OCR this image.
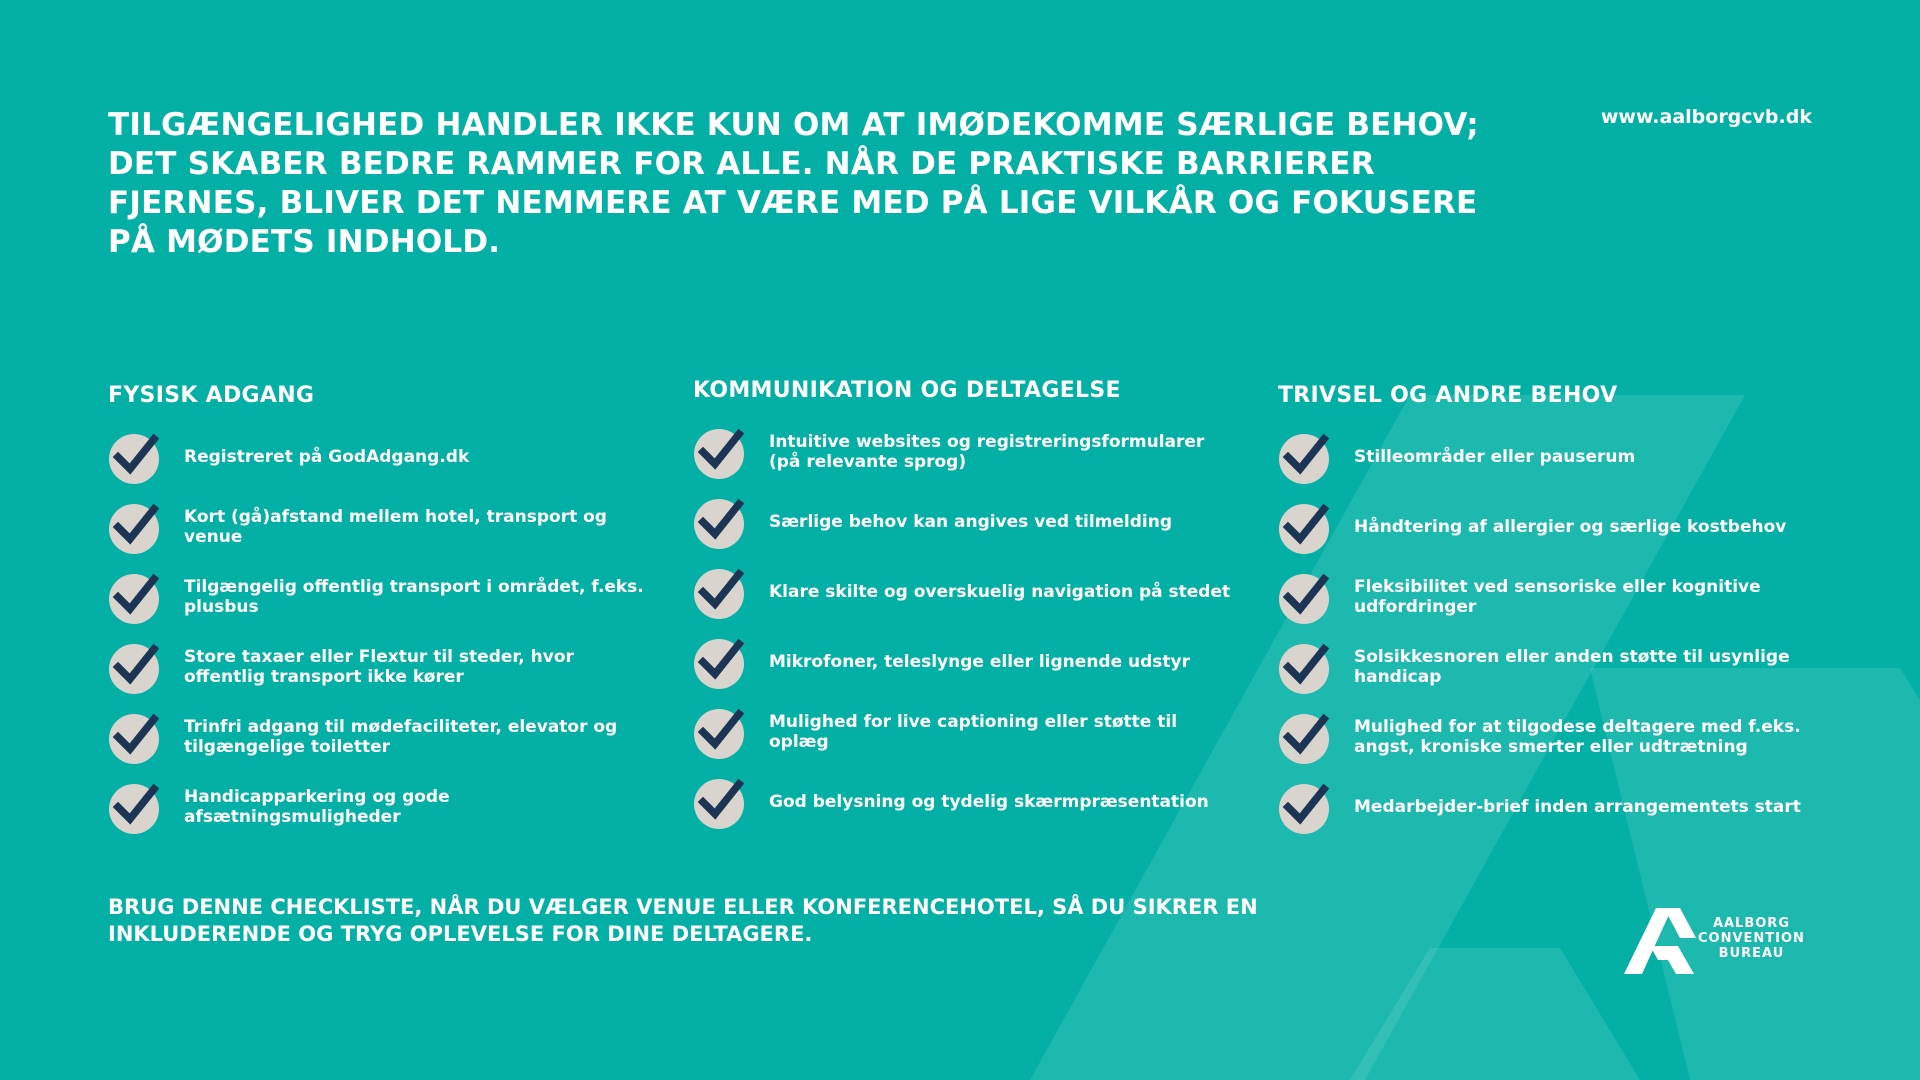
TILGÆNGELIGHED HANDLER IKKE KUN OM AT IMØDEKOMME SÆRLIGE BEHOV; DET SKABER BEDRE RAMMER FOR ALLE. NÅR DE PRAKTISKE BARRIERER FJERNES, BLIVER DET NEMMERE AT VÆRE MED PÅ LIGE VILKÅR OG FOKUSERE PÅ MØDETS INDHOLD.
www.aalborgcvb.dk
FYSISK ADGANG
Registreret på GodAdgang.dk
Kort (gå)afstand mellem hotel, transport og venue
Tilgængelig offentlig transport i området, f.eks. plusbus
Store taxaer eller Flextur til steder, hvor offentlig transport ikke kører
Trinfri adgang til mødefaciliteter, elevator og tilgængelige toiletter
Handicapparkering og gode afsætningsmuligheder
KOMMUNIKATION OG DELTAGELSE
Intuitive websites og registreringsformularer (på relevante sprog)
Særlige behov kan angives ved tilmelding
Klare skilte og overskuelig navigation på stedet
Mikrofoner, teleslynge eller lignende udstyr
Mulighed for live captioning eller støtte til oplæg
God belysning og tydelig skærmpræsentation
TRIVSEL OG ANDRE BEHOV
Stilleområder eller pauserum
Håndtering af allergier og særlige kostbehov
Fleksibilitet ved sensoriske eller kognitive udfordringer
Solsikkesnoren eller anden støtte til usynlige handicap
Mulighed for at tilgodese deltagere med f.eks. angst, kroniske smerter eller udtrætning
Medarbejder-brief inden arrangementets start

BRUG DENNE CHECKLISTE, NÅR DU VÆLGER VENUE ELLER KONFERENCEHOTEL, SÅ DU SIKRER EN INKLUDERENDE OG TRYG OPLEVELSE FOR DINE DELTAGERE.	AALBORG
CONVENTION
BUREAU
